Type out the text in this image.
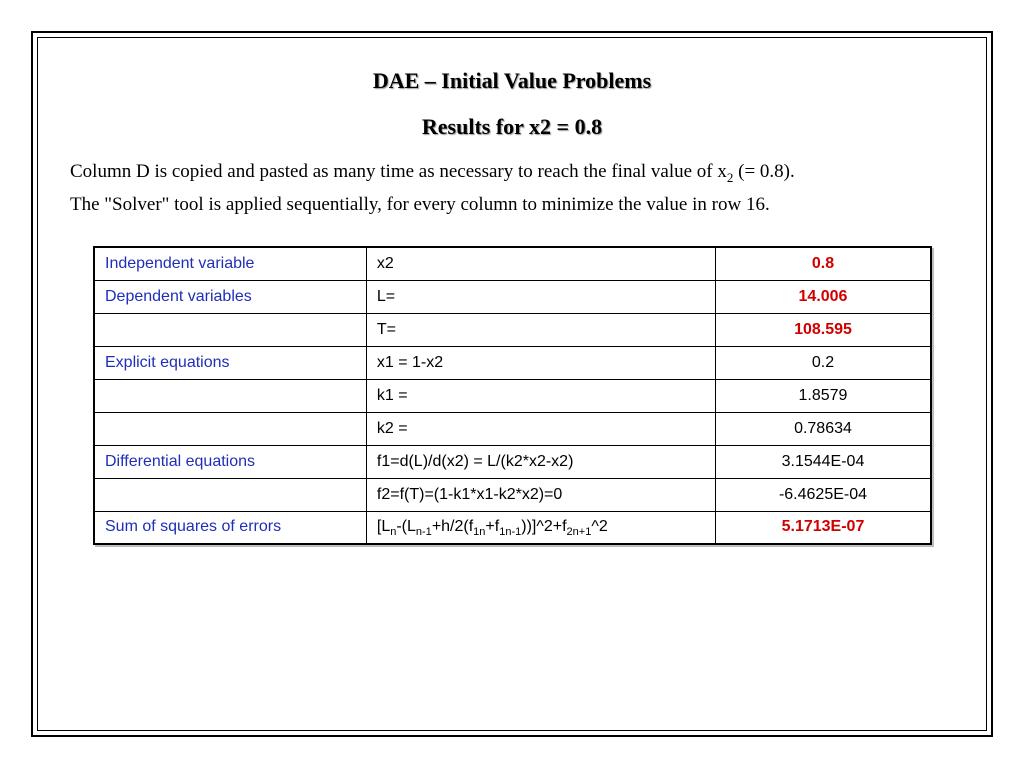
DAE – Initial Value Problems
Results for x2 = 0.8
Column D is copied and pasted as many time as necessary to reach the final value of $x_2$ (= 0.8).
The "Solver" tool is applied sequentially, for every column to minimize the value in row 16.
Independent variable	x2	0.8
Dependent variables	L=	14.006
	T=	108.595
Explicit equations	x1 = 1-x2	0.2
	k1 =	1.8579
	k2 =	0.78634
Differential equations	f1=d(L)/d(x2) = L/(k2*x2-x2)	3.1544E-04
	f2=f(T)=(1-k1*x1-k2*x2)=0	-6.4625E-04
Sum of squares of errors	$[L_n-(L_{n-1}+h/2(f_{1n}+f_{1n-1}))]\^{}2+f_{2n+1}\^{}2$	5.1713E-07
